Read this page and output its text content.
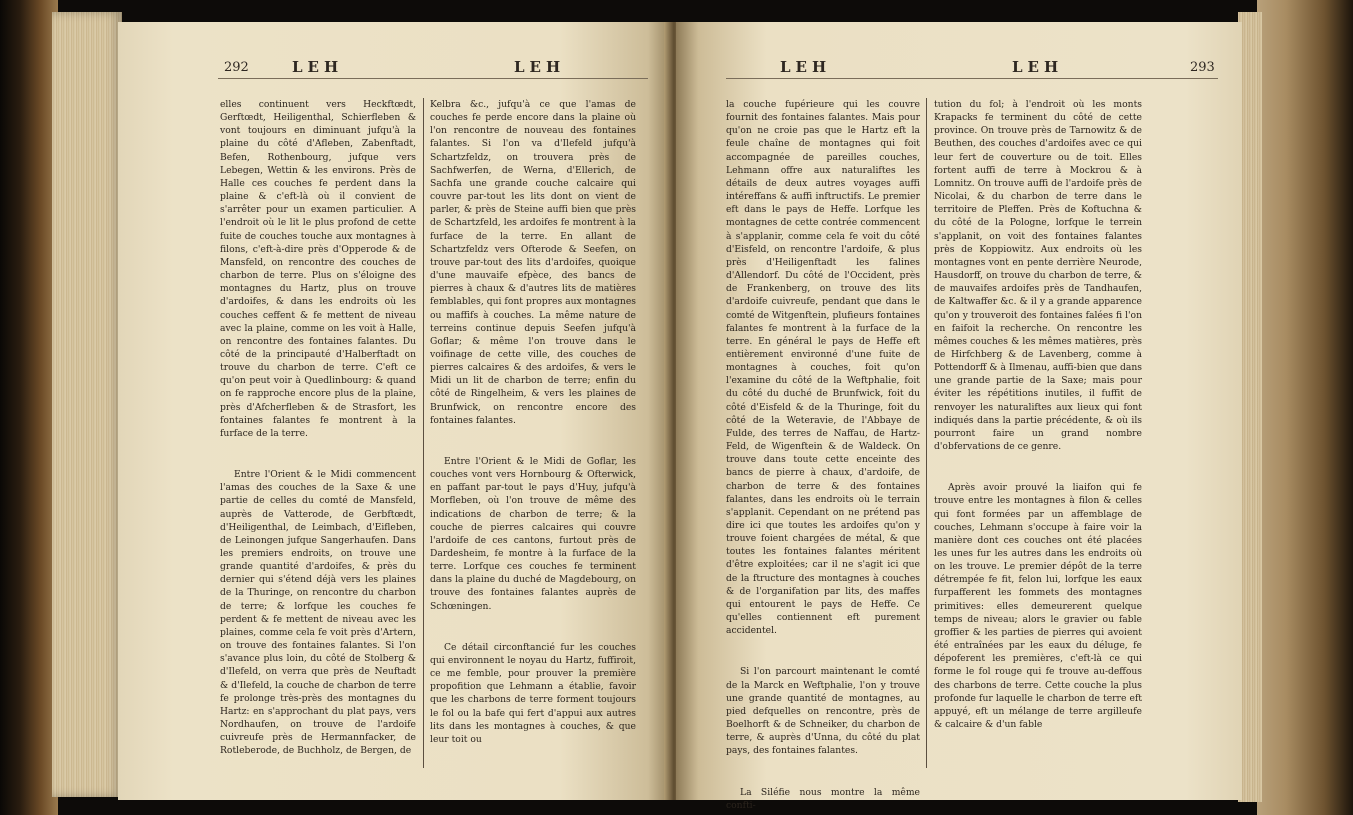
292	LEH	LEH

elles continuent vers Heckftœdt, Gerftœdt, Heiligenthal, Schierfleben & vont toujours en diminuant jufqu'à la plaine du côté d'Afleben, Zabenftadt, Befen, Rothenbourg, jufque vers Lebegen, Wettin & les environs. Près de Halle ces couches fe perdent dans la plaine & c'eft-là où il convient de s'arrêter pour un examen particulier. A l'endroit où le lit le plus profond de cette fuite de couches touche aux montagnes à filons, c'eft-à-dire près d'Opperode & de Mansfeld, on rencontre des couches de charbon de terre. Plus on s'éloigne des montagnes du Hartz, plus on trouve d'ardoifes, & dans les endroits où les couches ceffent & fe mettent de niveau avec la plaine, comme on les voit à Halle, on rencontre des fontaines falantes. Du côté de la principauté d'Halberftadt on trouve du charbon de terre. C'eft ce qu'on peut voir à Quedlinbourg: & quand on fe rapproche encore plus de la plaine, près d'Afcherfleben & de Strasfort, les fontaines falantes fe montrent à la furface de la terre.

Entre l'Orient & le Midi commencent l'amas des couches de la Saxe & une partie de celles du comté de Mansfeld, auprès de Vatterode, de Gerbftœdt, d'Heiligenthal, de Leimbach, d'Eifleben, de Leinongen jufque Sangerhaufen. Dans les premiers endroits, on trouve une grande quantité d'ardoifes, & près du dernier qui s'étend déjà vers les plaines de la Thuringe, on rencontre du charbon de terre; & lorfque les couches fe perdent & fe mettent de niveau avec les plaines, comme cela fe voit près d'Artern, on trouve des fontaines falantes. Si l'on s'avance plus loin, du côté de Stolberg & d'Ilefeld, on verra que près de Neuftadt & d'Ilefeld, la couche de charbon de terre fe prolonge très-près des montagnes du Hartz: en s'approchant du plat pays, vers Nordhaufen, on trouve de l'ardoife cuivreufe près de Hermannfacker, de Rotleberode, de Buchholz, de Bergen, de

Kelbra &c., jufqu'à ce que l'amas de couches fe perde encore dans la plaine où l'on rencontre de nouveau des fontaines falantes. Si l'on va d'Ilefeld jufqu'à Schartzfeldz, on trouvera près de Sachfwerfen, de Werna, d'Ellerich, de Sachfa une grande couche calcaire qui couvre par-tout les lits dont on vient de parler, & près de Steine auffi bien que près de Schartzfeld, les ardoifes fe montrent à la furface de la terre. En allant de Schartzfeldz vers Ofterode & Seefen, on trouve par-tout des lits d'ardoifes, quoique d'une mauvaife efpèce, des bancs de pierres à chaux & d'autres lits de matières femblables, qui font propres aux montagnes ou maffifs à couches. La même nature de terreins continue depuis Seefen jufqu'à Goflar; & même l'on trouve dans le voifinage de cette ville, des couches de pierres calcaires & des ardoifes, & vers le Midi un lit de charbon de terre; enfin du côté de Ringelheim, & vers les plaines de Brunfwick, on rencontre encore des fontaines falantes.

Entre l'Orient & le Midi de Goflar, les couches vont vers Hornbourg & Ofterwick, en paffant par-tout le pays d'Huy, jufqu'à Morfleben, où l'on trouve de même des indications de charbon de terre; & la couche de pierres calcaires qui couvre l'ardoife de ces cantons, furtout près de Dardesheim, fe montre à la furface de la terre. Lorfque ces couches fe terminent dans la plaine du duché de Magdebourg, on trouve des fontaines falantes auprès de Schœningen.

Ce détail circonftancié fur les couches qui environnent le noyau du Hartz, fuffiroit, ce me femble, pour prouver la première propofition que Lehmann a établie, favoir que les charbons de terre forment toujours le fol ou la bafe qui fert d'appui aux autres lits dans les montagnes à couches, & que leur toit ou

LEH	LEH	293

la couche fupérieure qui les couvre fournit des fontaines falantes. Mais pour qu'on ne croie pas que le Hartz eft la feule chaîne de montagnes qui foit accompagnée de pareilles couches, Lehmann offre aux naturaliftes les détails de deux autres voyages auffi intéreffans & auffi inftructifs. Le premier eft dans le pays de Heffe. Lorfque les montagnes de cette contrée commencent à s'applanir, comme cela fe voit du côté d'Eisfeld, on rencontre l'ardoife, & plus près d'Heiligenftadt les falines d'Allendorf. Du côté de l'Occident, près de Frankenberg, on trouve des lits d'ardoife cuivreufe, pendant que dans le comté de Witgenftein, plufieurs fontaines falantes fe montrent à la furface de la terre. En général le pays de Heffe eft entièrement environné d'une fuite de montagnes à couches, foit qu'on l'examine du côté de la Weftphalie, foit du côté du duché de Brunfwick, foit du côté d'Eisfeld & de la Thuringe, foit du côté de la Weteravie, de l'Abbaye de Fulde, des terres de Naffau, de Hartz-Feld, de Wigenftein & de Waldeck. On trouve dans toute cette enceinte des bancs de pierre à chaux, d'ardoife, de charbon de terre & des fontaines falantes, dans les endroits où le terrain s'applanit. Cependant on ne prétend pas dire ici que toutes les ardoifes qu'on y trouve foient chargées de métal, & que toutes les fontaines falantes méritent d'être exploitées; car il ne s'agit ici que de la ftructure des montagnes à couches & de l'organifation par lits, des maffes qui entourent le pays de Heffe. Ce qu'elles contiennent eft purement accidentel.

Si l'on parcourt maintenant le comté de la Marck en Weftphalie, l'on y trouve une grande quantité de montagnes, au pied defquelles on rencontre, près de Boelhorft & de Schneiker, du charbon de terre, & auprès d'Unna, du côté du plat pays, des fontaines falantes.

La Siléfie nous montre la même confti-

tution du fol; à l'endroit où les monts Krapacks fe terminent du côté de cette province. On trouve près de Tarnowitz & de Beuthen, des couches d'ardoifes avec ce qui leur fert de couverture ou de toit. Elles fortent auffi de terre à Mockrou & à Lomnitz. On trouve auffi de l'ardoife près de Nicolai, & du charbon de terre dans le territoire de Pleffen. Près de Koftuchna & du côté de la Pologne, lorfque le terrein s'applanit, on voit des fontaines falantes près de Koppiowitz. Aux endroits où les montagnes vont en pente derrière Neurode, Hausdorff, on trouve du charbon de terre, & de mauvaifes ardoifes près de Tandhaufen, de Kaltwaffer &c. & il y a grande apparence qu'on y trouveroit des fontaines falées fi l'on en faifoit la recherche. On rencontre les mêmes couches & les mêmes matières, près de Hirfchberg & de Lavenberg, comme à Pottendorff & à Ilmenau, auffi-bien que dans une grande partie de la Saxe; mais pour éviter les répétitions inutiles, il fuffit de renvoyer les naturaliftes aux lieux qui font indiqués dans la partie précédente, & où ils pourront faire un grand nombre d'obfervations de ce genre.

Après avoir prouvé la liaifon qui fe trouve entre les montagnes à filon & celles qui font formées par un affemblage de couches, Lehmann s'occupe à faire voir la manière dont ces couches ont été placées les unes fur les autres dans les endroits où on les trouve. Le premier dépôt de la terre détrempée fe fit, felon lui, lorfque les eaux furpafferent les fommets des montagnes primitives: elles demeurerent quelque temps de niveau; alors le gravier ou fable groffier & les parties de pierres qui avoient été entraînées par les eaux du déluge, fe dépoferent les premières, c'eft-là ce qui forme le fol rouge qui fe trouve au-deffous des charbons de terre. Cette couche la plus profonde fur laquelle le charbon de terre eft appuyé, eft un mélange de terre argilleufe & calcaire & d'un fable
